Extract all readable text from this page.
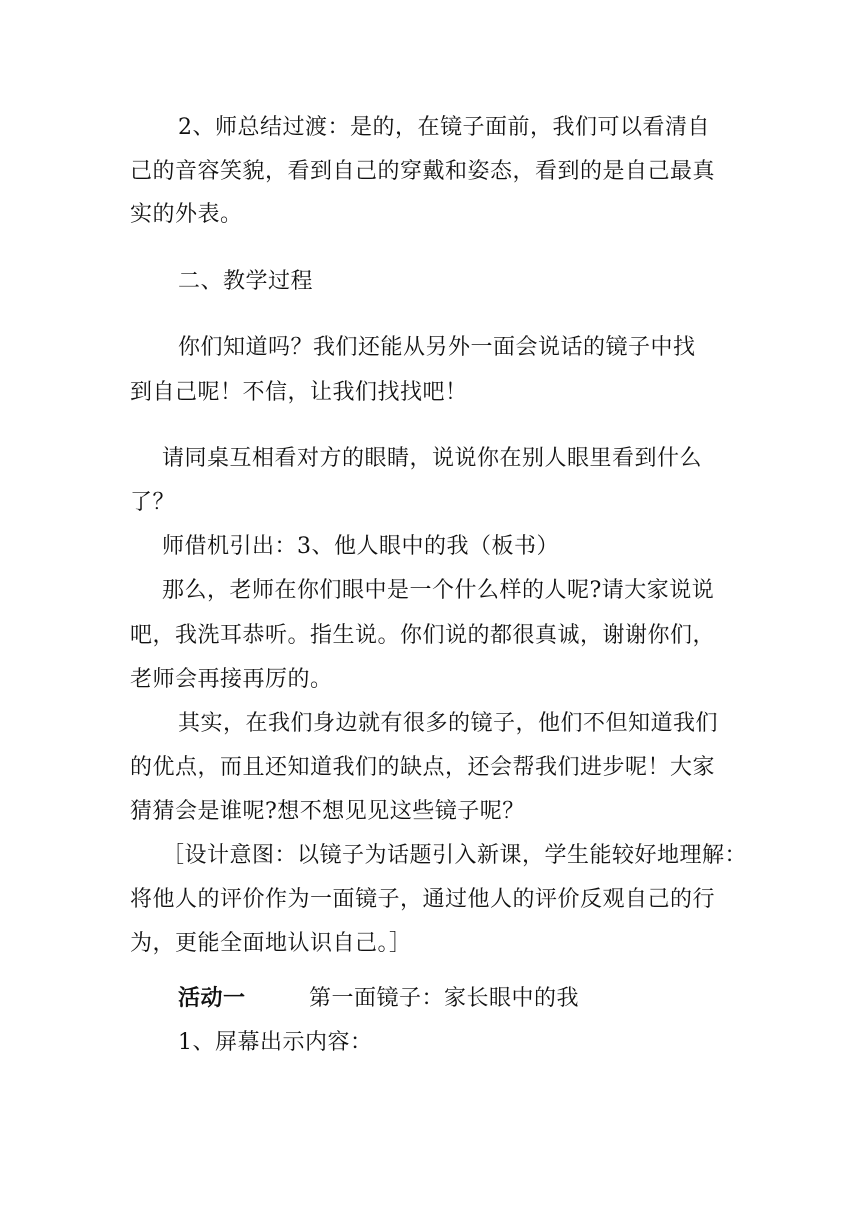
2、师总结过渡：是的，在镜子面前，我们可以看清自
己的音容笑貌，看到自己的穿戴和姿态，看到的是自己最真
实的外表。
二、教学过程
你们知道吗？我们还能从另外一面会说话的镜子中找
到自己呢！不信，让我们找找吧！
请同桌互相看对方的眼睛，说说你在别人眼里看到什么
了？
师借机引出：3、他人眼中的我（板书）
那么，老师在你们眼中是一个什么样的人呢?请大家说说
吧，我洗耳恭听。指生说。你们说的都很真诚，谢谢你们，
老师会再接再厉的。
其实，在我们身边就有很多的镜子，他们不但知道我们
的优点，而且还知道我们的缺点，还会帮我们进步呢！大家
猜猜会是谁呢?想不想见见这些镜子呢？
［设计意图：以镜子为话题引入新课，学生能较好地理解：
将他人的评价作为一面镜子，通过他人的评价反观自己的行
为，更能全面地认识自己。］
活动一	第一面镜子：家长眼中的我
1、屏幕出示内容：
